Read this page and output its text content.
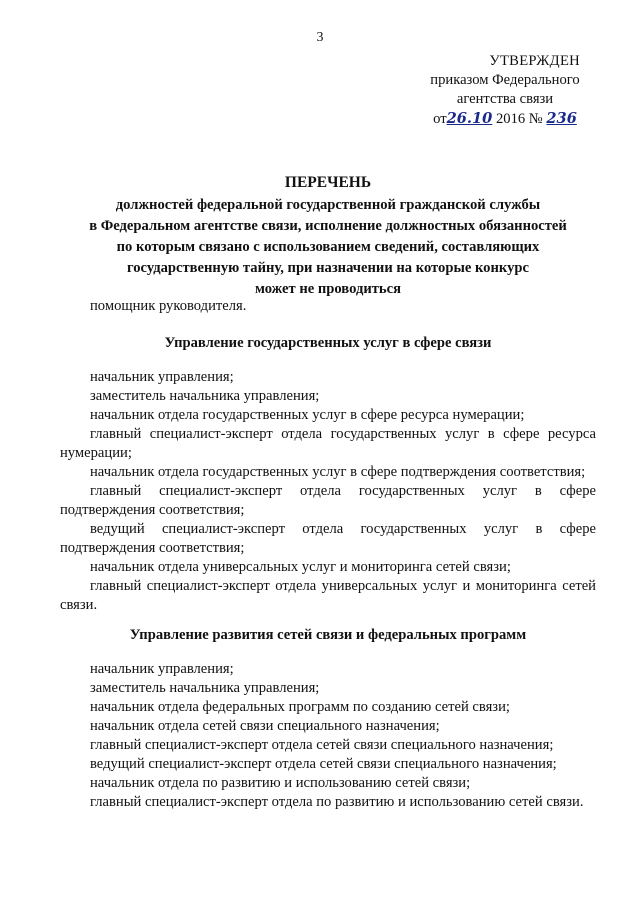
3
УТВЕРЖДЕН
приказом Федерального
агентства связи
от26.10 2016 № 236
ПЕРЕЧЕНЬ
должностей федеральной государственной гражданской службы
в Федеральном агентстве связи, исполнение должностных обязанностей
по которым связано с использованием сведений, составляющих
государственную тайну, при назначении на которые конкурс
может не проводиться

помощник руководителя.

Управление государственных услуг в сфере связи

начальник управления;

заместитель начальника управления;

начальник отдела государственных услуг в сфере ресурса нумерации;

главный специалист-эксперт отдела государственных услуг в сфере ресурса нумерации;

начальник отдела государственных услуг в сфере подтверждения соответствия;

главный специалист-эксперт отдела государственных услуг в сфере подтверждения соответствия;

ведущий специалист-эксперт отдела государственных услуг в сфере подтверждения соответствия;

начальник отдела универсальных услуг и мониторинга сетей связи;

главный специалист-эксперт отдела универсальных услуг и мониторинга сетей связи.

Управление развития сетей связи и федеральных программ

начальник управления;

заместитель начальника управления;

начальник отдела федеральных программ по созданию сетей связи;

начальник отдела сетей связи специального назначения;

главный специалист-эксперт отдела сетей связи специального назначения;

ведущий специалист-эксперт отдела сетей связи специального назначения;

начальник отдела по развитию и использованию сетей связи;

главный специалист-эксперт отдела по развитию и использованию сетей связи.
